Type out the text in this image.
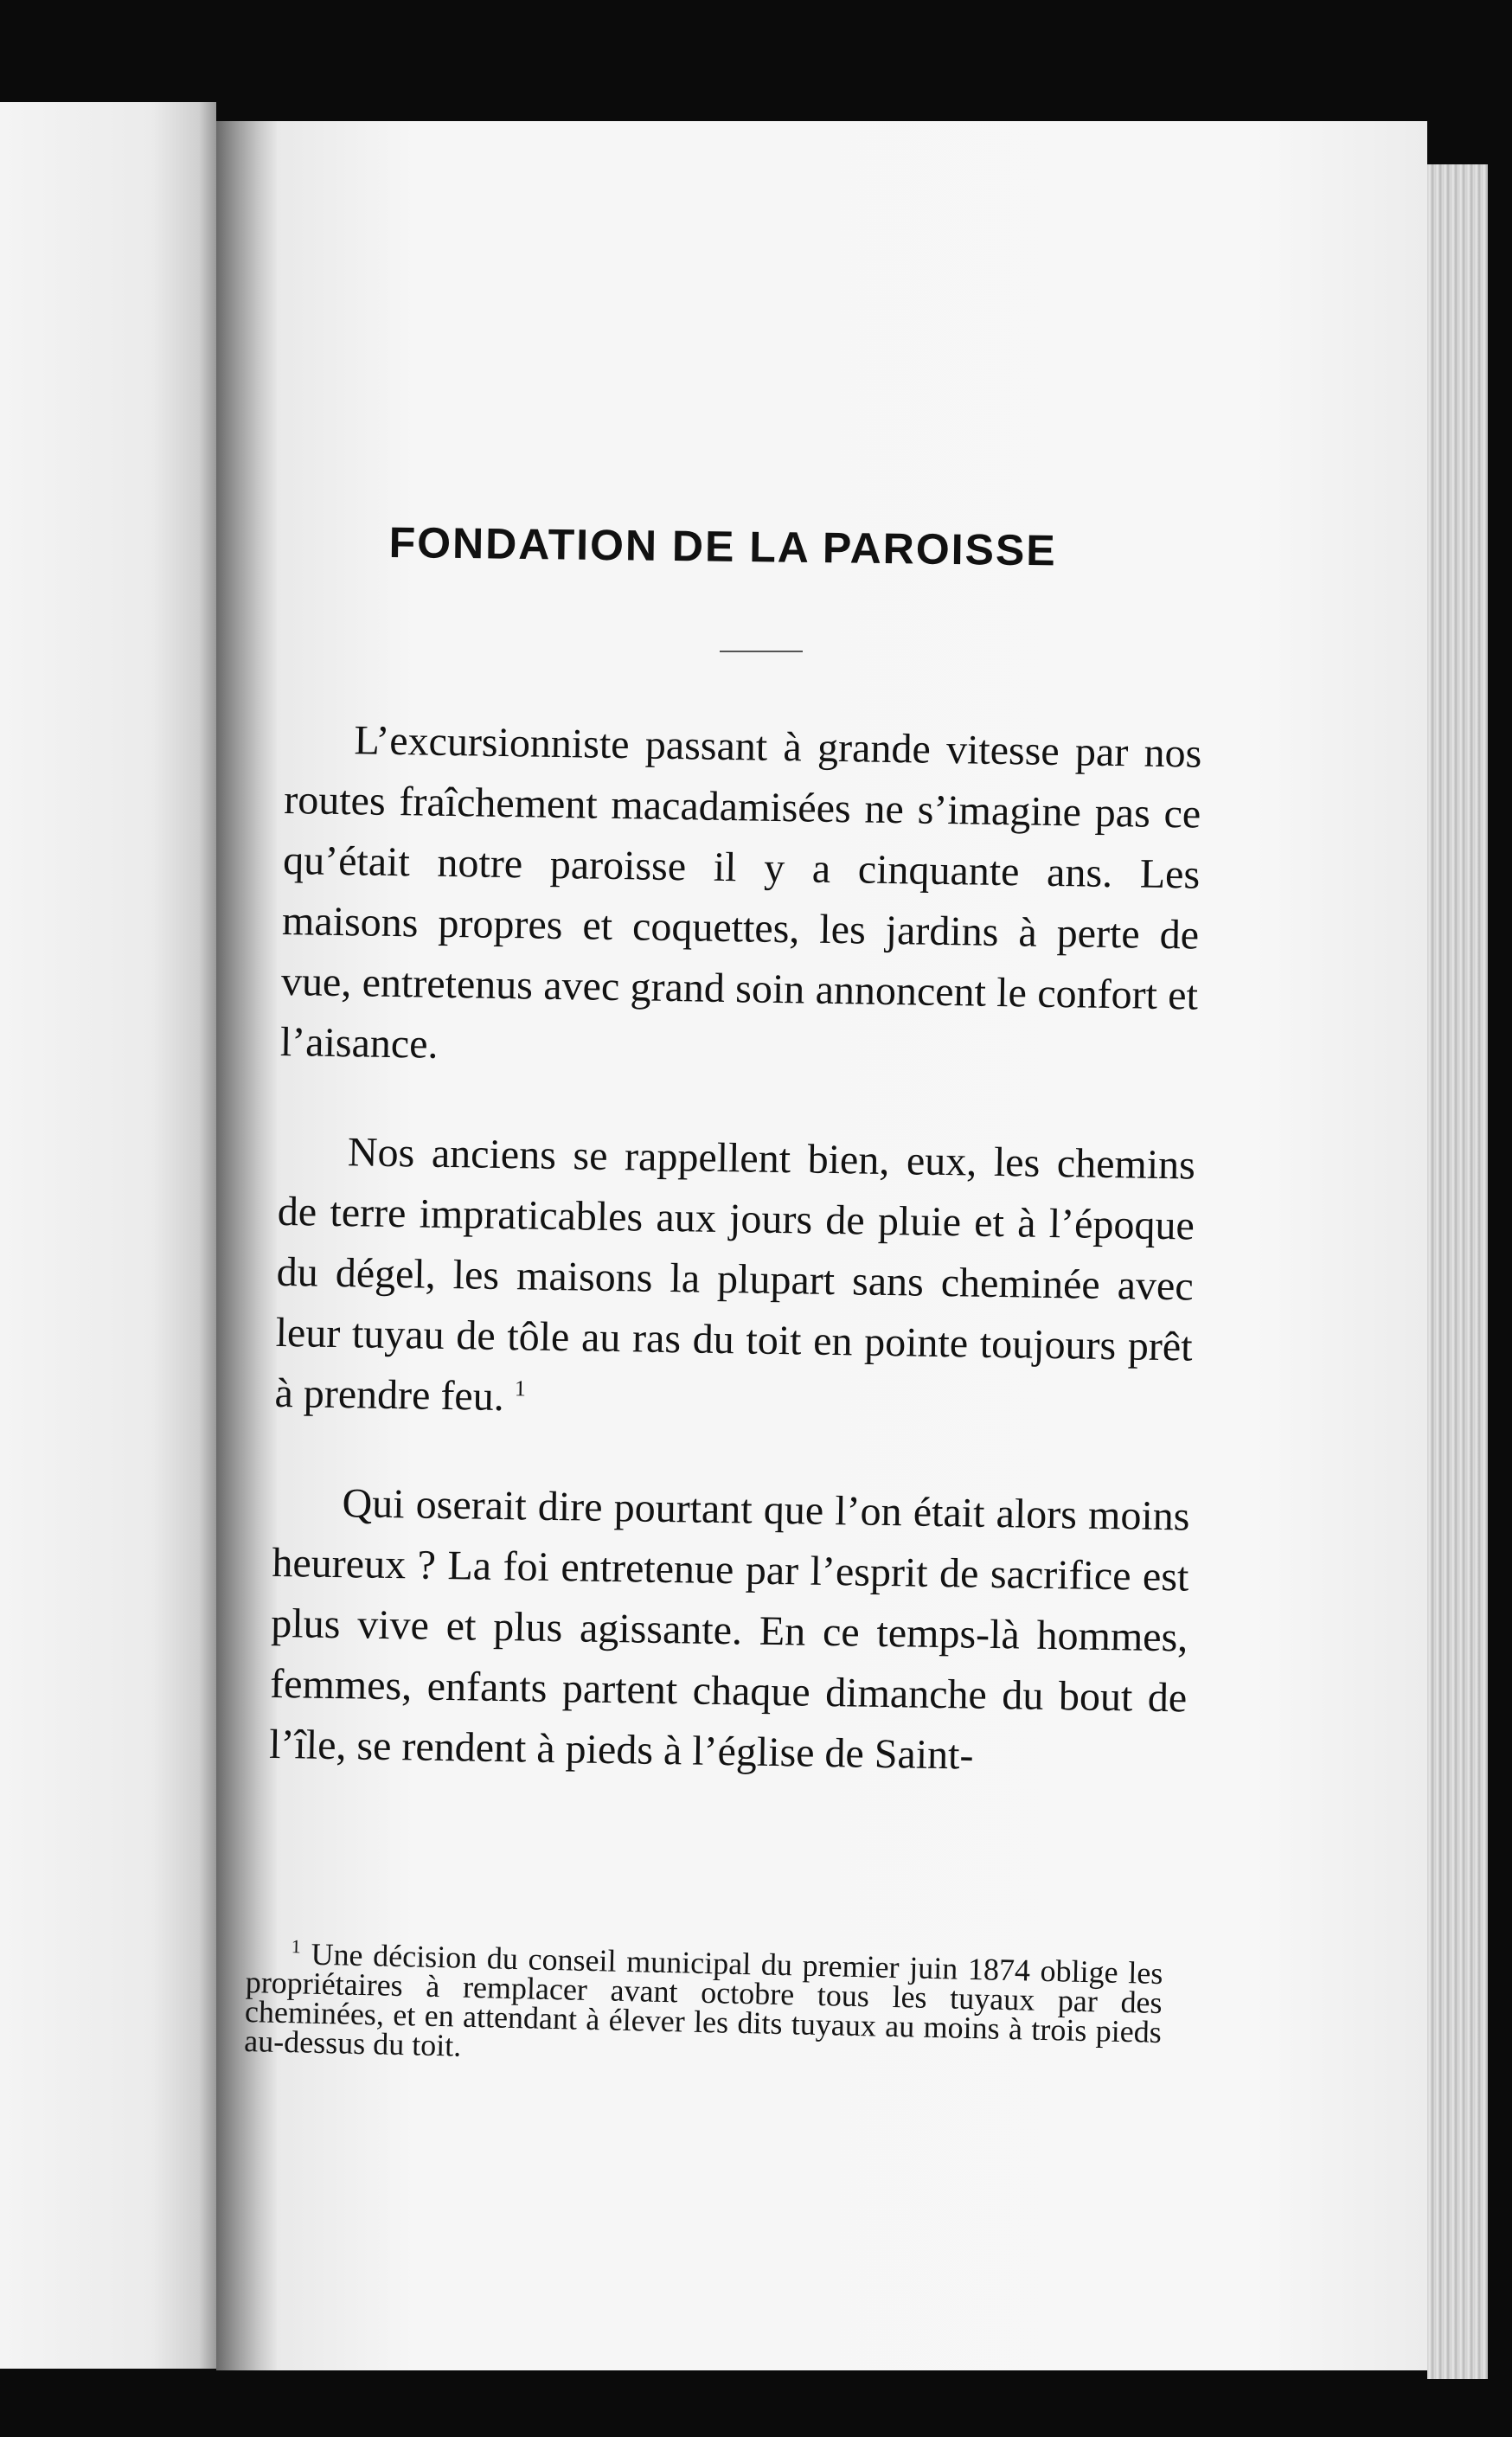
FONDATION DE LA PAROISSE

L’excursionniste passant à grande vitesse par nos routes fraîchement macadamisées ne s’imagine pas ce qu’était notre paroisse il y a cinquante ans. Les maisons propres et coquettes, les jardins à perte de vue, entretenus avec grand soin annoncent le confort et l’aisance.

Nos anciens se rappellent bien, eux, les chemins de terre impraticables aux jours de pluie et à l’époque du dégel, les maisons la plupart sans cheminée avec leur tuyau de tôle au ras du toit en pointe toujours prêt à prendre feu. $^1$

Qui oserait dire pourtant que l’on était alors moins heureux ? La foi entretenue par l’esprit de sacrifice est plus vive et plus agissante. En ce temps-là hommes, femmes, enfants partent chaque dimanche du bout de l’île, se rendent à pieds à l’église de Saint-

$^1$ Une décision du conseil municipal du premier juin 1874 oblige les propriétaires à remplacer avant octobre tous les tuyaux par des cheminées, et en attendant à élever les dits tuyaux au moins à trois pieds au-dessus du toit.
